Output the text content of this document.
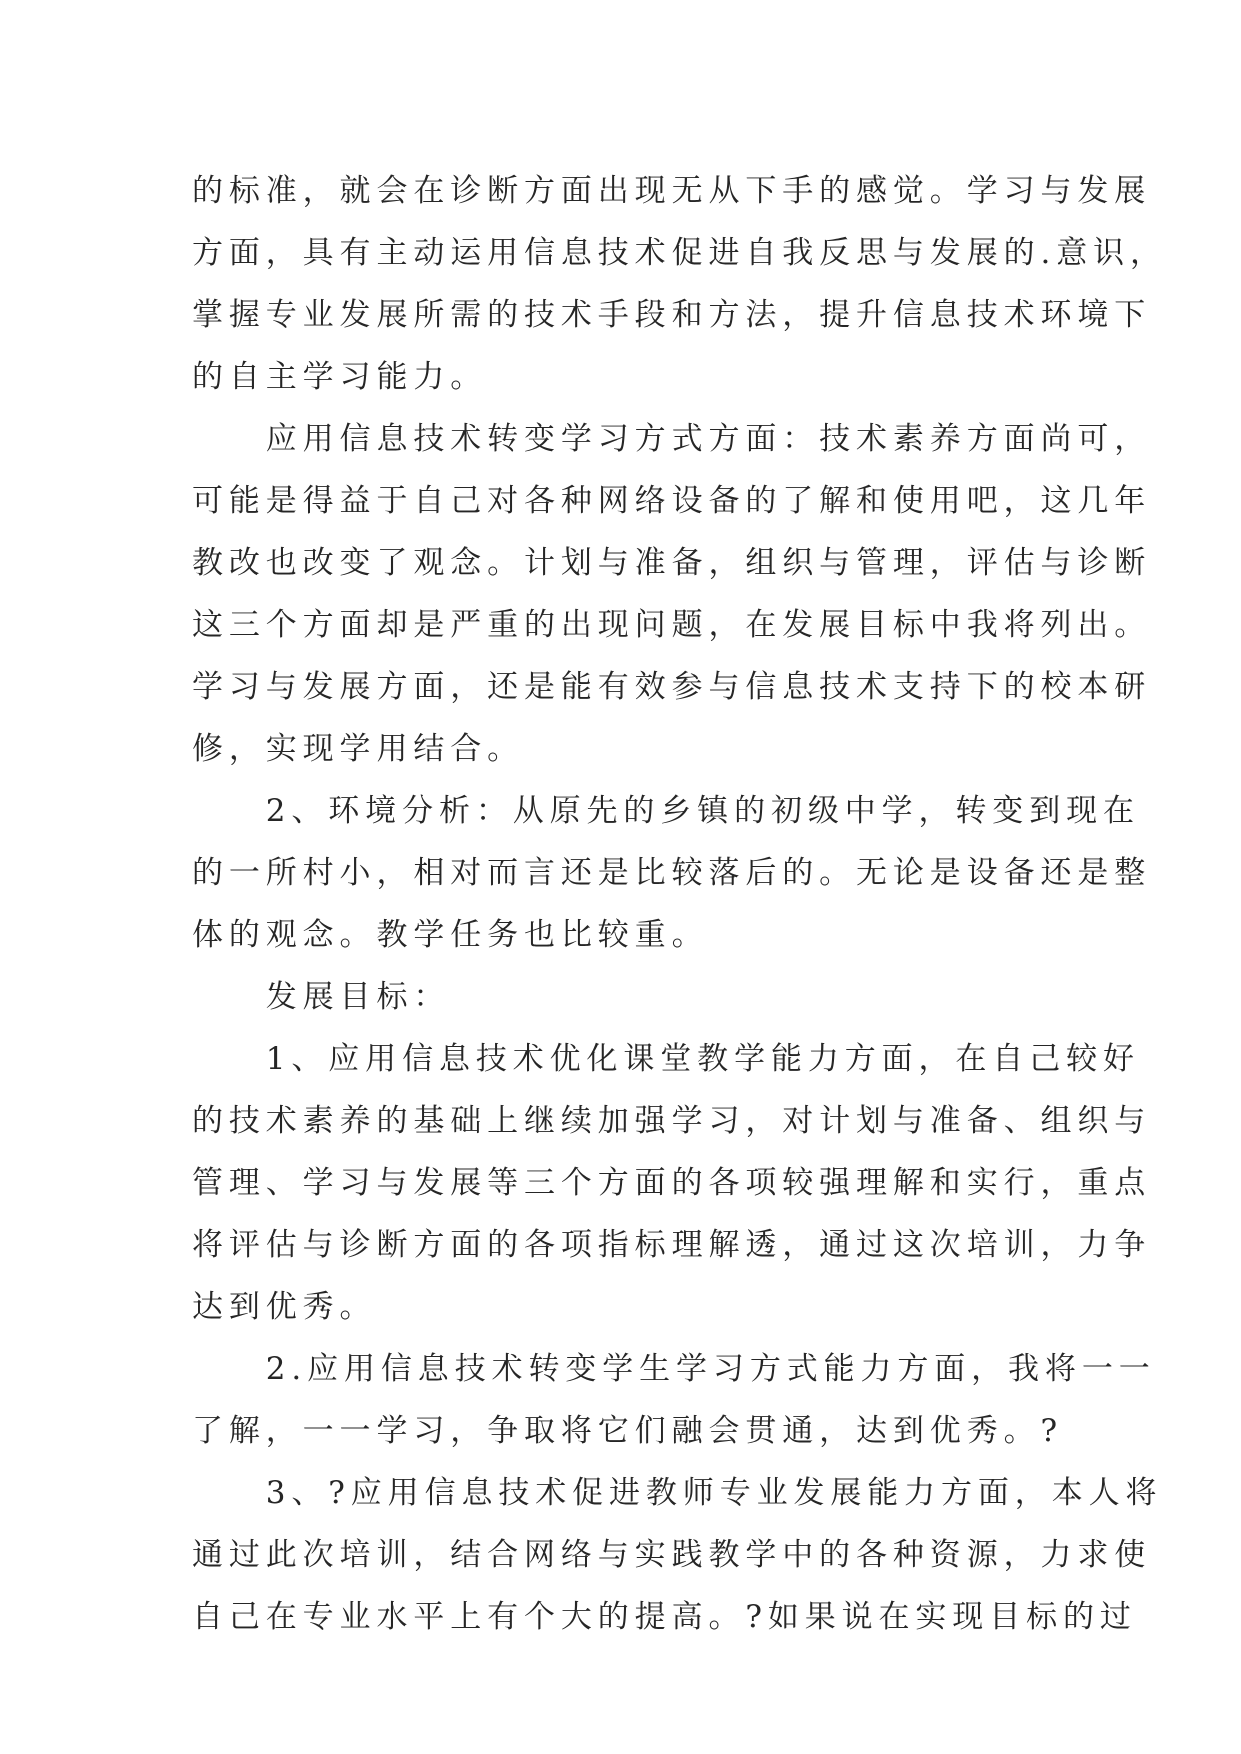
的标准，就会在诊断方面出现无从下手的感觉。学习与发展
方面，具有主动运用信息技术促进自我反思与发展的.意识，
掌握专业发展所需的技术手段和方法，提升信息技术环境下
的自主学习能力。
　　应用信息技术转变学习方式方面：技术素养方面尚可，
可能是得益于自己对各种网络设备的了解和使用吧，这几年
教改也改变了观念。计划与准备，组织与管理，评估与诊断
这三个方面却是严重的出现问题，在发展目标中我将列出。
学习与发展方面，还是能有效参与信息技术支持下的校本研
修，实现学用结合。
　　2、环境分析：从原先的乡镇的初级中学，转变到现在
的一所村小，相对而言还是比较落后的。无论是设备还是整
体的观念。教学任务也比较重。
　　发展目标：
　　1、应用信息技术优化课堂教学能力方面，在自己较好
的技术素养的基础上继续加强学习，对计划与准备、组织与
管理、学习与发展等三个方面的各项较强理解和实行，重点
将评估与诊断方面的各项指标理解透，通过这次培训，力争
达到优秀。
　　2.应用信息技术转变学生学习方式能力方面，我将一一
了解，一一学习，争取将它们融会贯通，达到优秀。?
　　3、?应用信息技术促进教师专业发展能力方面，本人将
通过此次培训，结合网络与实践教学中的各种资源，力求使
自己在专业水平上有个大的提高。?如果说在实现目标的过
